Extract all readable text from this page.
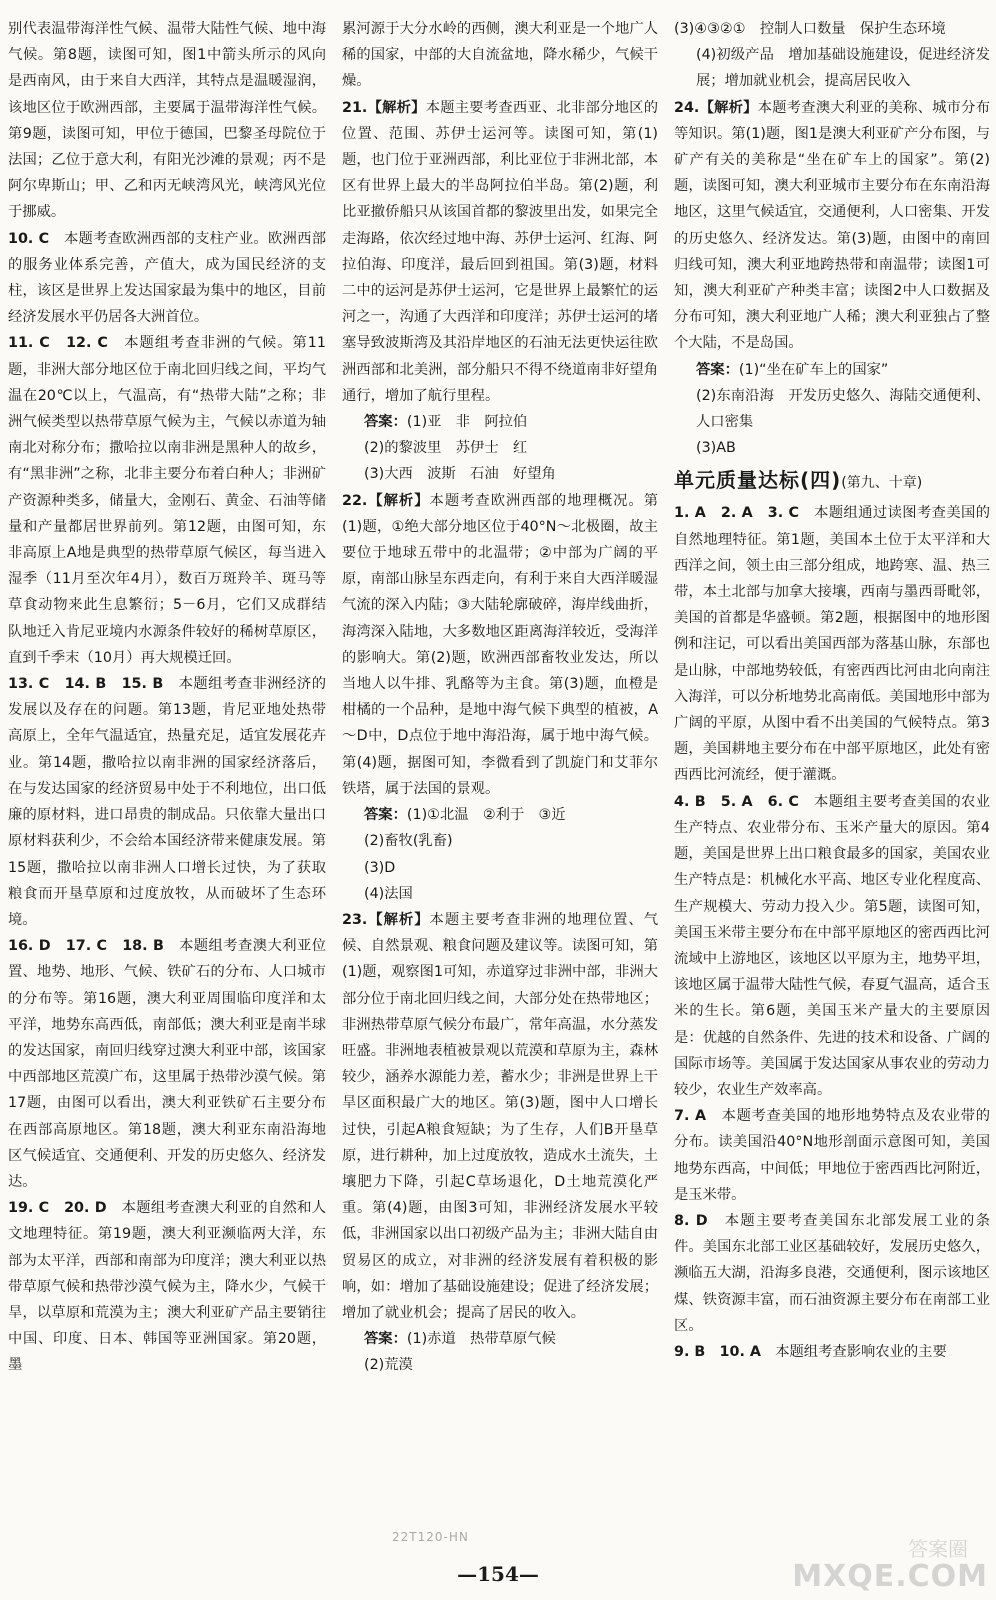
别代表温带海洋性气候、温带大陆性气候、地中海气候。第8题，读图可知，图1中箭头所示的风向是西南风，由于来自大西洋，其特点是温暖湿润，该地区位于欧洲西部，主要属于温带海洋性气候。第9题，读图可知，甲位于德国，巴黎圣母院位于法国；乙位于意大利，有阳光沙滩的景观；丙不是阿尔卑斯山；甲、乙和丙无峡湾风光，峡湾风光位于挪威。

10. C　 本题考查欧洲西部的支柱产业。欧洲西部的服务业体系完善，产值大，成为国民经济的支柱，该区是世界上发达国家最为集中的地区，目前经济发展水平仍居各大洲首位。

11. C　12. C　 本题组考查非洲的气候。第11题，非洲大部分地区位于南北回归线之间，平均气温在20℃以上，气温高，有“热带大陆”之称；非洲气候类型以热带草原气候为主，气候以赤道为轴南北对称分布；撒哈拉以南非洲是黑种人的故乡，有“黑非洲”之称，北非主要分布着白种人；非洲矿产资源种类多，储量大，金刚石、黄金、石油等储量和产量都居世界前列。第12题，由图可知，东非高原上A地是典型的热带草原气候区，每当进入湿季（11月至次年4月），数百万斑羚羊、斑马等草食动物来此生息繁衍；5－6月，它们又成群结队地迁入肯尼亚境内水源条件较好的稀树草原区，直到千季末（10月）再大规模迁回。

13. C　14. B　15. B　 本题组考查非洲经济的发展以及存在的问题。第13题，肯尼亚地处热带高原上，全年气温适宜，热量充足，适宜发展花卉业。第14题，撒哈拉以南非洲的国家经济落后，在与发达国家的经济贸易中处于不利地位，出口低廉的原材料，进口昂贵的制成品。只依靠大量出口原材料获利少，不会给本国经济带来健康发展。第15题，撒哈拉以南非洲人口增长过快，为了获取粮食而开垦草原和过度放牧，从而破坏了生态环境。

16. D　17. C　18. B　 本题组考查澳大利亚位置、地势、地形、气候、铁矿石的分布、人口城市的分布等。第16题，澳大利亚周围临印度洋和太平洋，地势东高西低，南部低；澳大利亚是南半球的发达国家，南回归线穿过澳大利亚中部，该国家中西部地区荒漠广布，这里属于热带沙漠气候。第17题，由图可以看出，澳大利亚铁矿石主要分布在西部高原地区。第18题，澳大利亚东南沿海地区气候适宜、交通便利、开发的历史悠久、经济发达。

19. C　20. D　 本题组考查澳大利亚的自然和人文地理特征。第19题，澳大利亚濒临两大洋，东部为太平洋，西部和南部为印度洋；澳大利亚以热带草原气候和热带沙漠气候为主，降水少，气候干旱，以草原和荒漠为主；澳大利亚矿产品主要销往中国、印度、日本、韩国等亚洲国家。第20题，墨

累河源于大分水岭的西侧，澳大利亚是一个地广人稀的国家，中部的大自流盆地，降水稀少，气候干燥。

21.【解析】本题主要考查西亚、北非部分地区的位置、范围、苏伊士运河等。读图可知，第(1)题，也门位于亚洲西部，利比亚位于非洲北部，本区有世界上最大的半岛阿拉伯半岛。第(2)题，利比亚撤侨船只从该国首都的黎波里出发，如果完全走海路，依次经过地中海、苏伊士运河、红海、阿拉伯海、印度洋，最后回到祖国。第(3)题，材料二中的运河是苏伊士运河，它是世界上最繁忙的运河之一，沟通了大西洋和印度洋；苏伊士运河的堵塞导致波斯湾及其沿岸地区的石油无法更快运往欧洲西部和北美洲，部分船只不得不绕道南非好望角通行，增加了航行里程。

答案：(1)亚　非　阿拉伯

(2)的黎波里　苏伊士　红

(3)大西　波斯　石油　好望角

22.【解析】本题考查欧洲西部的地理概况。第(1)题，①绝大部分地区位于40°N～北极圈，故主要位于地球五带中的北温带；②中部为广阔的平原，南部山脉呈东西走向，有利于来自大西洋暖湿气流的深入内陆；③大陆轮廓破碎，海岸线曲折，海湾深入陆地，大多数地区距离海洋较近，受海洋的影响大。第(2)题，欧洲西部畜牧业发达，所以当地人以牛排、乳酪等为主食。第(3)题，血橙是柑橘的一个品种，是地中海气候下典型的植被，A～D中，D点位于地中海沿海，属于地中海气候。第(4)题，据图可知，李微看到了凯旋门和艾菲尔铁塔，属于法国的景观。

答案：(1)①北温　②利于　③近

(2)畜牧(乳畜)

(3)D

(4)法国

23.【解析】本题主要考查非洲的地理位置、气候、自然景观、粮食问题及建议等。读图可知，第(1)题，观察图1可知，赤道穿过非洲中部，非洲大部分位于南北回归线之间，大部分处在热带地区；非洲热带草原气候分布最广，常年高温，水分蒸发旺盛。非洲地表植被景观以荒漠和草原为主，森林较少，涵养水源能力差，蓄水少；非洲是世界上干旱区面积最广大的地区。第(3)题，图中人口增长过快，引起A粮食短缺；为了生存，人们B开垦草原，进行耕种，加上过度放牧，造成水土流失，土壤肥力下降，引起C草场退化，D土地荒漠化严重。第(4)题，由图3可知，非洲经济发展水平较低，非洲国家以出口初级产品为主；非洲大陆自由贸易区的成立，对非洲的经济发展有着积极的影响，如：增加了基础设施建设；促进了经济发展；增加了就业机会；提高了居民的收入。

答案：(1)赤道　热带草原气候

(2)荒漠

(3)④③②①　控制人口数量　保护生态环境

(4)初级产品　增加基础设施建设，促进经济发展；增加就业机会，提高居民收入

24.【解析】本题考查澳大利亚的美称、城市分布等知识。第(1)题，图1是澳大利亚矿产分布图，与矿产有关的美称是“坐在矿车上的国家”。第(2)题，读图可知，澳大利亚城市主要分布在东南沿海地区，这里气候适宜，交通便利，人口密集、开发的历史悠久、经济发达。第(3)题，由图中的南回归线可知，澳大利亚地跨热带和南温带；读图1可知，澳大利亚矿产种类丰富；读图2中人口数据及分布可知，澳大利亚地广人稀；澳大利亚独占了整个大陆，不是岛国。

答案：(1)“坐在矿车上的国家”

(2)东南沿海　开发历史悠久、海陆交通便利、人口密集

(3)AB

单元质量达标(四)(第九、十章)

1. A　2. A　3. C　 本题组通过读图考查美国的自然地理特征。第1题，美国本土位于太平洋和大西洋之间，领土由三部分组成，地跨寒、温、热三带，本土北部与加拿大接壤，西南与墨西哥毗邻，美国的首都是华盛顿。第2题，根据图中的地形图例和注记，可以看出美国西部为落基山脉，东部也是山脉，中部地势较低，有密西西比河由北向南注入海洋，可以分析地势北高南低。美国地形中部为广阔的平原，从图中看不出美国的气候特点。第3题，美国耕地主要分布在中部平原地区，此处有密西西比河流经，便于灌溉。

4. B　5. A　6. C　 本题组主要考查美国的农业生产特点、农业带分布、玉米产量大的原因。第4题，美国是世界上出口粮食最多的国家，美国农业生产特点是：机械化水平高、地区专业化程度高、生产规模大、劳动力投入少。第5题，读图可知，美国玉米带主要分布在中部平原地区的密西西比河流域中上游地区，该地区以平原为主，地势平坦，该地区属于温带大陆性气候，春夏气温高，适合玉米的生长。第6题，美国玉米产量大的主要原因是：优越的自然条件、先进的技术和设备、广阔的国际市场等。美国属于发达国家从事农业的劳动力较少，农业生产效率高。

7. A　 本题考查美国的地形地势特点及农业带的分布。读美国沿40°N地形剖面示意图可知，美国地势东西高，中间低；甲地位于密西西比河附近，是玉米带。

8. D　 本题主要考查美国东北部发展工业的条件。美国东北部工业区基础较好，发展历史悠久，濒临五大湖，沿海多良港，交通便利，图示该地区煤、铁资源丰富，而石油资源主要分布在南部工业区。

9. B　10. A　 本题组考查影响农业的主要

22T120-HN
—154—
答案圈
MXQE.COM
